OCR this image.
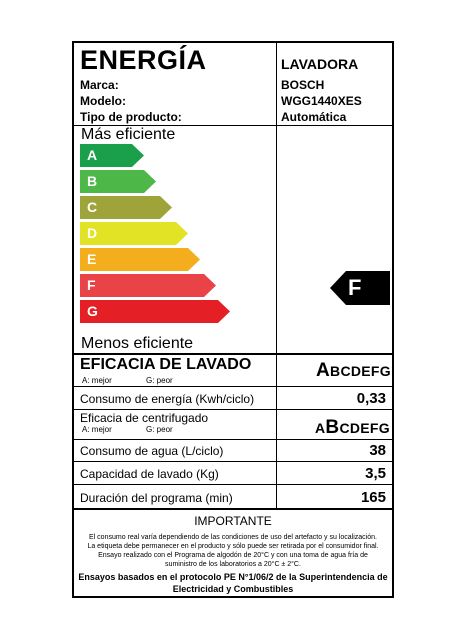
ENERGÍA	LAVADORA
Marca:	BOSCH
Modelo:	WGG1440XES
Tipo de producto:	Automática
Más eficiente
A
B
C
D
E
F
G
F
Menos eficiente
EFICACIA DE LAVADO
A: mejor	G: peor	ABCDEFG
Consumo de energía (Kwh/ciclo)	0,33
Eficacia de centrifugado
A: mejor	G: peor	ABCDEFG
Consumo de agua (L/ciclo)	38
Capacidad de lavado (Kg)	3,5
Duración del programa (min)	165
IMPORTANTE
El consumo real varía dependiendo de las condiciones de uso del artefacto y su localización.
La etiqueta debe permanecer en el producto y sólo puede ser retirada por el consumidor final.
Ensayo realizado con el Programa de algodón de 20°C y con una toma de agua fría de
suministro de los laboratorios a 20°C ± 2°C.
Ensayos basados en el protocolo PE N°1/06/2 de la Superintendencia de
Electricidad y Combustibles
